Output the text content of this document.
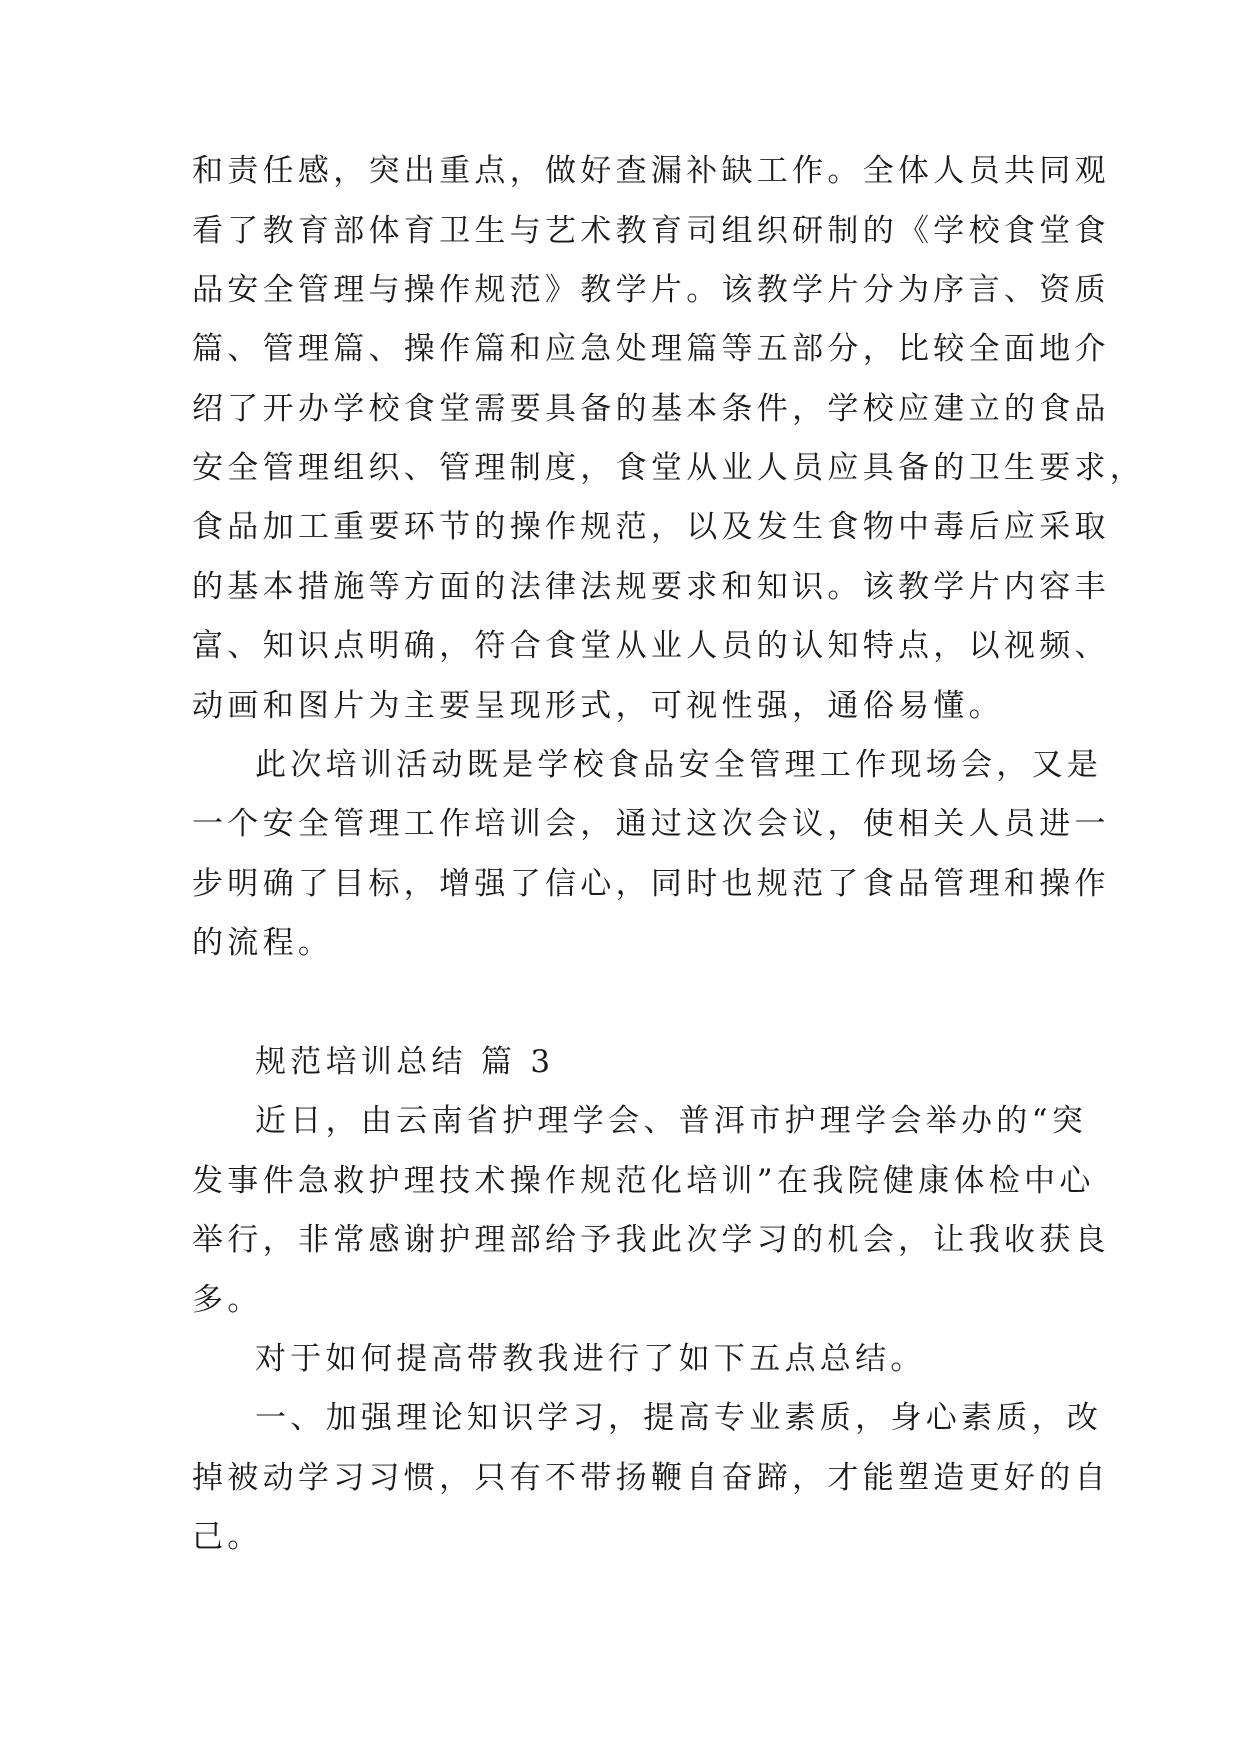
和责任感，突出重点，做好查漏补缺工作。全体人员共同观
看了教育部体育卫生与艺术教育司组织研制的《学校食堂食
品安全管理与操作规范》教学片。该教学片分为序言、资质
篇、管理篇、操作篇和应急处理篇等五部分，比较全面地介
绍了开办学校食堂需要具备的基本条件，学校应建立的食品
安全管理组织、管理制度，食堂从业人员应具备的卫生要求，
食品加工重要环节的操作规范，以及发生食物中毒后应采取
的基本措施等方面的法律法规要求和知识。该教学片内容丰
富、知识点明确，符合食堂从业人员的认知特点，以视频、
动画和图片为主要呈现形式，可视性强，通俗易懂。
此次培训活动既是学校食品安全管理工作现场会，又是
一个安全管理工作培训会，通过这次会议，使相关人员进一
步明确了目标，增强了信心，同时也规范了食品管理和操作
的流程。
规范培训总结 篇 3
近日，由云南省护理学会、普洱市护理学会举办的“突
发事件急救护理技术操作规范化培训”在我院健康体检中心
举行，非常感谢护理部给予我此次学习的机会，让我收获良
多。
对于如何提高带教我进行了如下五点总结。
一、加强理论知识学习，提高专业素质，身心素质，改
掉被动学习习惯，只有不带扬鞭自奋蹄，才能塑造更好的自
己。
